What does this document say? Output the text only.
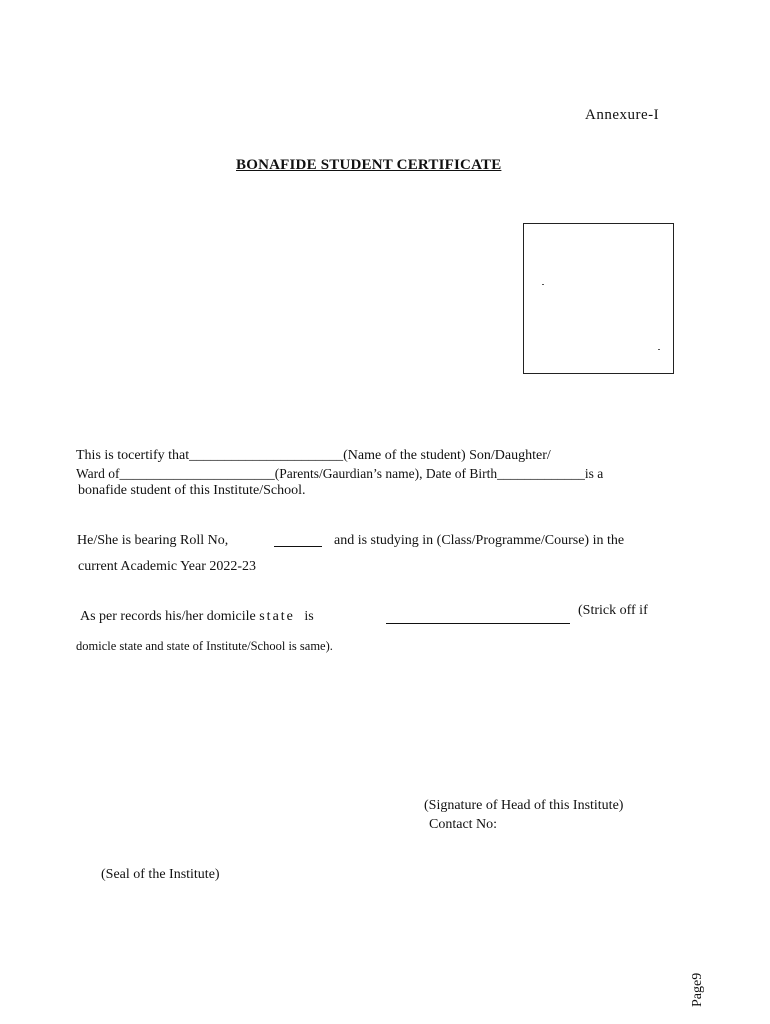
Annexure-I
BONAFIDE STUDENT CERTIFICATE
This is tocertify that______________________(Name of the student) Son/Daughter/
Ward of_______________________(Parents/Gaurdian’s name), Date of Birth_____________is a
bonafide student of this Institute/School.
He/She is bearing Roll No,	and is studying in (Class/Programme/Course) in the
current Academic Year 2022-23
As per records his/her domicile state is	(Strick off if
domicle state and state of Institute/School is same).
(Signature of Head of this Institute)
Contact No:
(Seal of the Institute)
Page9
